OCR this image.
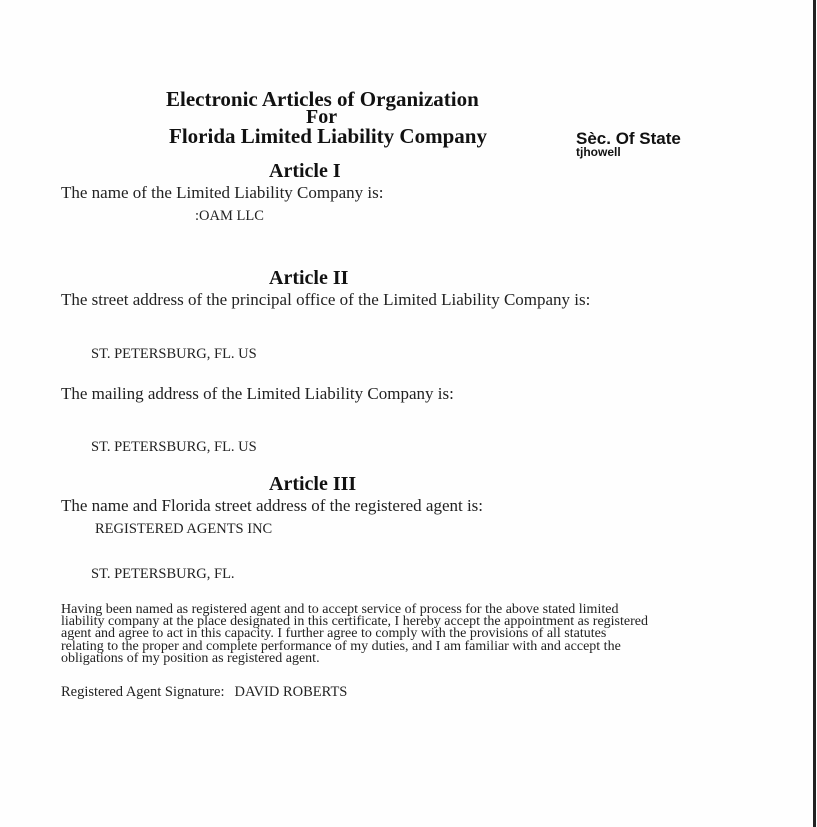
Electronic Articles of Organization
For
Florida Limited Liability Company	Sèc. Of State
tjhowell
Article I
The name of the Limited Liability Company is:
:OAM LLC
Article II
The street address of the principal office of the Limited Liability Company is:
ST. PETERSBURG, FL. US
The mailing address of the Limited Liability Company is:
ST. PETERSBURG, FL. US
Article III
The name and Florida street address of the registered agent is:
REGISTERED AGENTS INC
ST. PETERSBURG, FL.
Having been named as registered agent and to accept service of process for the above stated limited
liability company at the place designated in this certificate, I hereby accept the appointment as registered
agent and agree to act in this capacity. I further agree to comply with the provisions of all statutes
relating to the proper and complete performance of my duties, and I am familiar with and accept the
obligations of my position as registered agent.
Registered Agent Signature: DAVID ROBERTS
